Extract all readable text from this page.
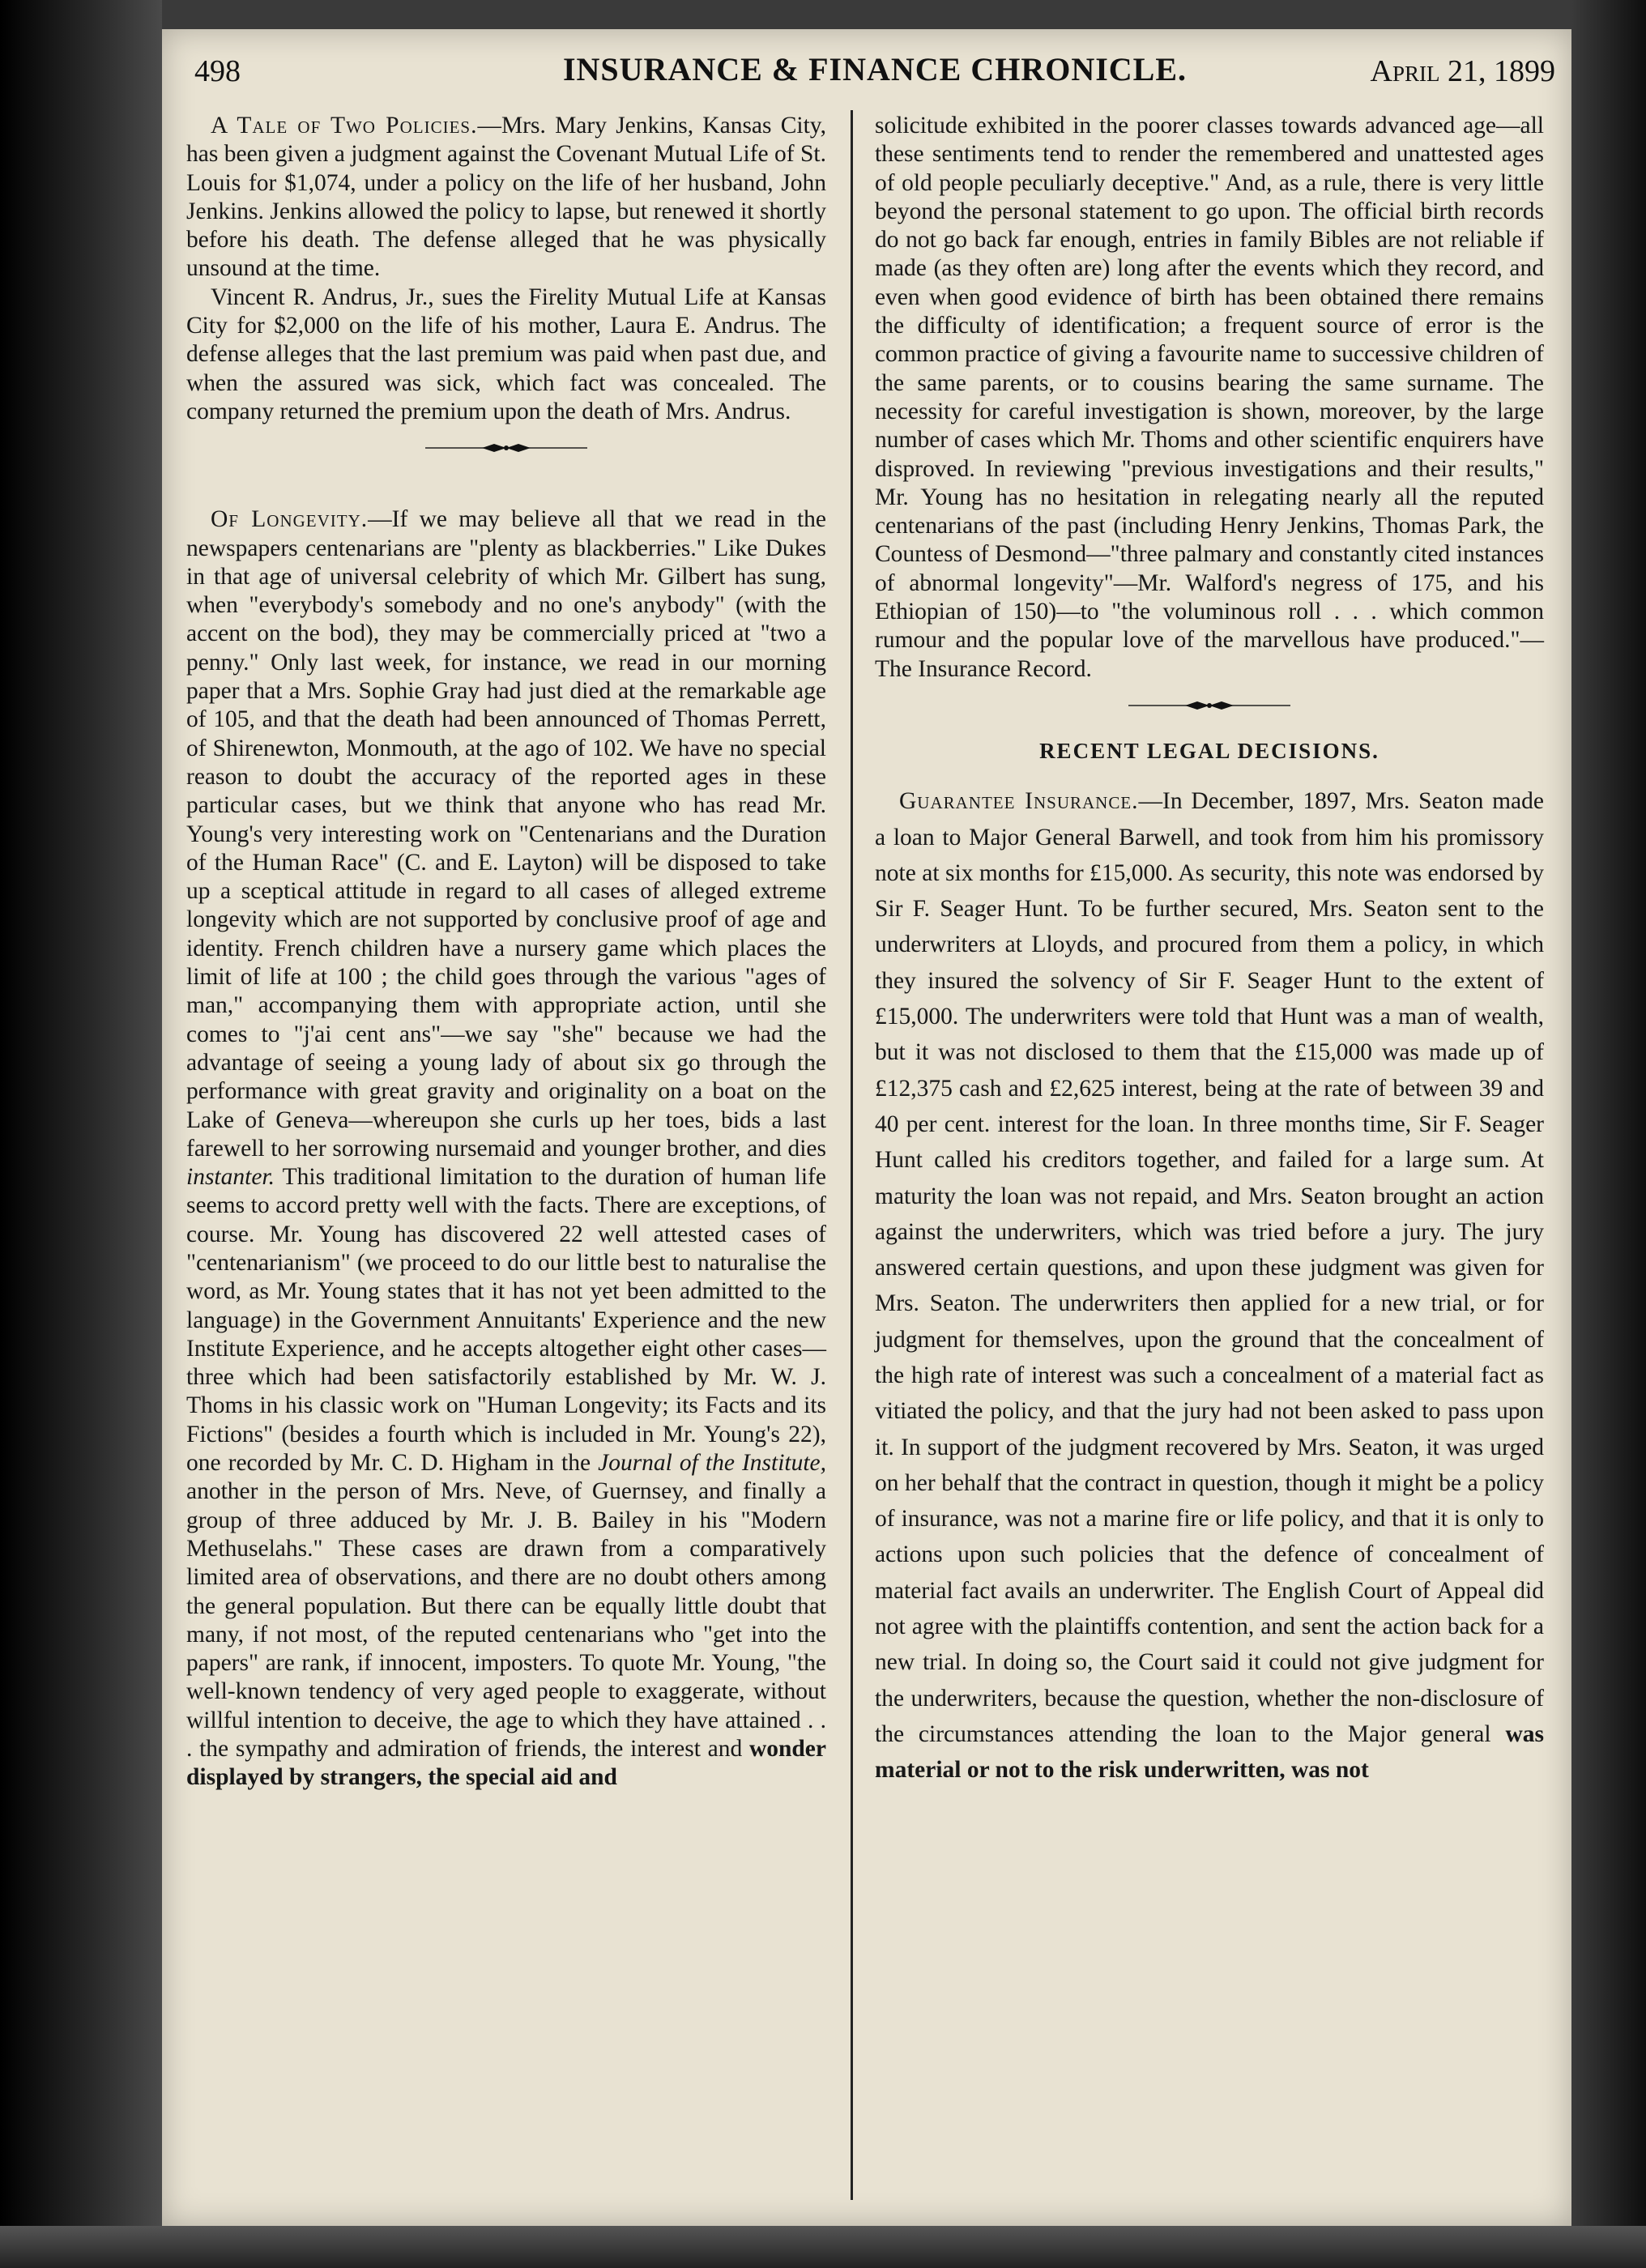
498	INSURANCE & FINANCE CHRONICLE.	April 21, 1899

A Tale of Two Policies.—Mrs. Mary Jenkins, Kansas City, has been given a judgment against the Covenant Mutual Life of St. Louis for $1,074, under a policy on the life of her husband, John Jenkins. Jenkins allowed the policy to lapse, but renewed it shortly before his death. The defense alleged that he was physically unsound at the time.

Vincent R. Andrus, Jr., sues the Firelity Mutual Life at Kansas City for $2,000 on the life of his mother, Laura E. Andrus. The defense alleges that the last premium was paid when past due, and when the assured was sick, which fact was concealed. The company returned the premium upon the death of Mrs. Andrus.

Of Longevity.—If we may believe all that we read in the newspapers centenarians are "plenty as blackberries." Like Dukes in that age of universal celebrity of which Mr. Gilbert has sung, when "everybody's somebody and no one's anybody" (with the accent on the bod), they may be commercially priced at "two a penny." Only last week, for instance, we read in our morning paper that a Mrs. Sophie Gray had just died at the remarkable age of 105, and that the death had been announced of Thomas Perrett, of Shirenewton, Monmouth, at the ago of 102. We have no special reason to doubt the accuracy of the reported ages in these particular cases, but we think that anyone who has read Mr. Young's very interesting work on "Centenarians and the Duration of the Human Race" (C. and E. Layton) will be disposed to take up a sceptical attitude in regard to all cases of alleged extreme longevity which are not supported by conclusive proof of age and identity. French children have a nursery game which places the limit of life at 100 ; the child goes through the various "ages of man," accompanying them with appropriate action, until she comes to "j'ai cent ans"—we say "she" because we had the advantage of seeing a young lady of about six go through the performance with great gravity and originality on a boat on the Lake of Geneva—whereupon she curls up her toes, bids a last farewell to her sorrowing nursemaid and younger brother, and dies instanter. This traditional limitation to the duration of human life seems to accord pretty well with the facts. There are exceptions, of course. Mr. Young has discovered 22 well attested cases of "centenarianism" (we proceed to do our little best to naturalise the word, as Mr. Young states that it has not yet been admitted to the language) in the Government Annuitants' Experience and the new Institute Experience, and he accepts altogether eight other cases—three which had been satisfactorily established by Mr. W. J. Thoms in his classic work on "Human Longevity; its Facts and its Fictions" (besides a fourth which is included in Mr. Young's 22), one recorded by Mr. C. D. Higham in the Journal of the Institute, another in the person of Mrs. Neve, of Guernsey, and finally a group of three adduced by Mr. J. B. Bailey in his "Modern Methuselahs." These cases are drawn from a comparatively limited area of observations, and there are no doubt others among the general population. But there can be equally little doubt that many, if not most, of the reputed centenarians who "get into the papers" are rank, if innocent, imposters. To quote Mr. Young, "the well-known tendency of very aged people to exaggerate, without willful intention to deceive, the age to which they have attained . . . the sympathy and admiration of friends, the interest and wonder displayed by strangers, the special aid and

solicitude exhibited in the poorer classes towards advanced age—all these sentiments tend to render the remembered and unattested ages of old people peculiarly deceptive." And, as a rule, there is very little beyond the personal statement to go upon. The official birth records do not go back far enough, entries in family Bibles are not reliable if made (as they often are) long after the events which they record, and even when good evidence of birth has been obtained there remains the difficulty of identification; a frequent source of error is the common practice of giving a favourite name to successive children of the same parents, or to cousins bearing the same surname. The necessity for careful investigation is shown, moreover, by the large number of cases which Mr. Thoms and other scientific enquirers have disproved. In reviewing "previous investigations and their results," Mr. Young has no hesitation in relegating nearly all the reputed centenarians of the past (including Henry Jenkins, Thomas Park, the Countess of Desmond—"three palmary and constantly cited instances of abnormal longevity"—Mr. Walford's negress of 175, and his Ethiopian of 150)—to "the voluminous roll . . . which common rumour and the popular love of the marvellous have produced."— The Insurance Record.

RECENT LEGAL DECISIONS.

Guarantee Insurance.—In December, 1897, Mrs. Seaton made a loan to Major General Barwell, and took from him his promissory note at six months for £15,000. As security, this note was endorsed by Sir F. Seager Hunt. To be further secured, Mrs. Seaton sent to the underwriters at Lloyds, and procured from them a policy, in which they insured the solvency of Sir F. Seager Hunt to the extent of £15,000. The underwriters were told that Hunt was a man of wealth, but it was not disclosed to them that the £15,000 was made up of £12,375 cash and £2,625 interest, being at the rate of between 39 and 40 per cent. interest for the loan. In three months time, Sir F. Seager Hunt called his creditors together, and failed for a large sum. At maturity the loan was not repaid, and Mrs. Seaton brought an action against the underwriters, which was tried before a jury. The jury answered certain questions, and upon these judgment was given for Mrs. Seaton. The underwriters then applied for a new trial, or for judgment for themselves, upon the ground that the concealment of the high rate of interest was such a concealment of a material fact as vitiated the policy, and that the jury had not been asked to pass upon it. In support of the judgment recovered by Mrs. Seaton, it was urged on her behalf that the contract in question, though it might be a policy of insurance, was not a marine fire or life policy, and that it is only to actions upon such policies that the defence of concealment of material fact avails an underwriter. The English Court of Appeal did not agree with the plaintiffs contention, and sent the action back for a new trial. In doing so, the Court said it could not give judgment for the underwriters, because the question, whether the non-disclosure of the circumstances attending the loan to the Major general was material or not to the risk underwritten, was not
